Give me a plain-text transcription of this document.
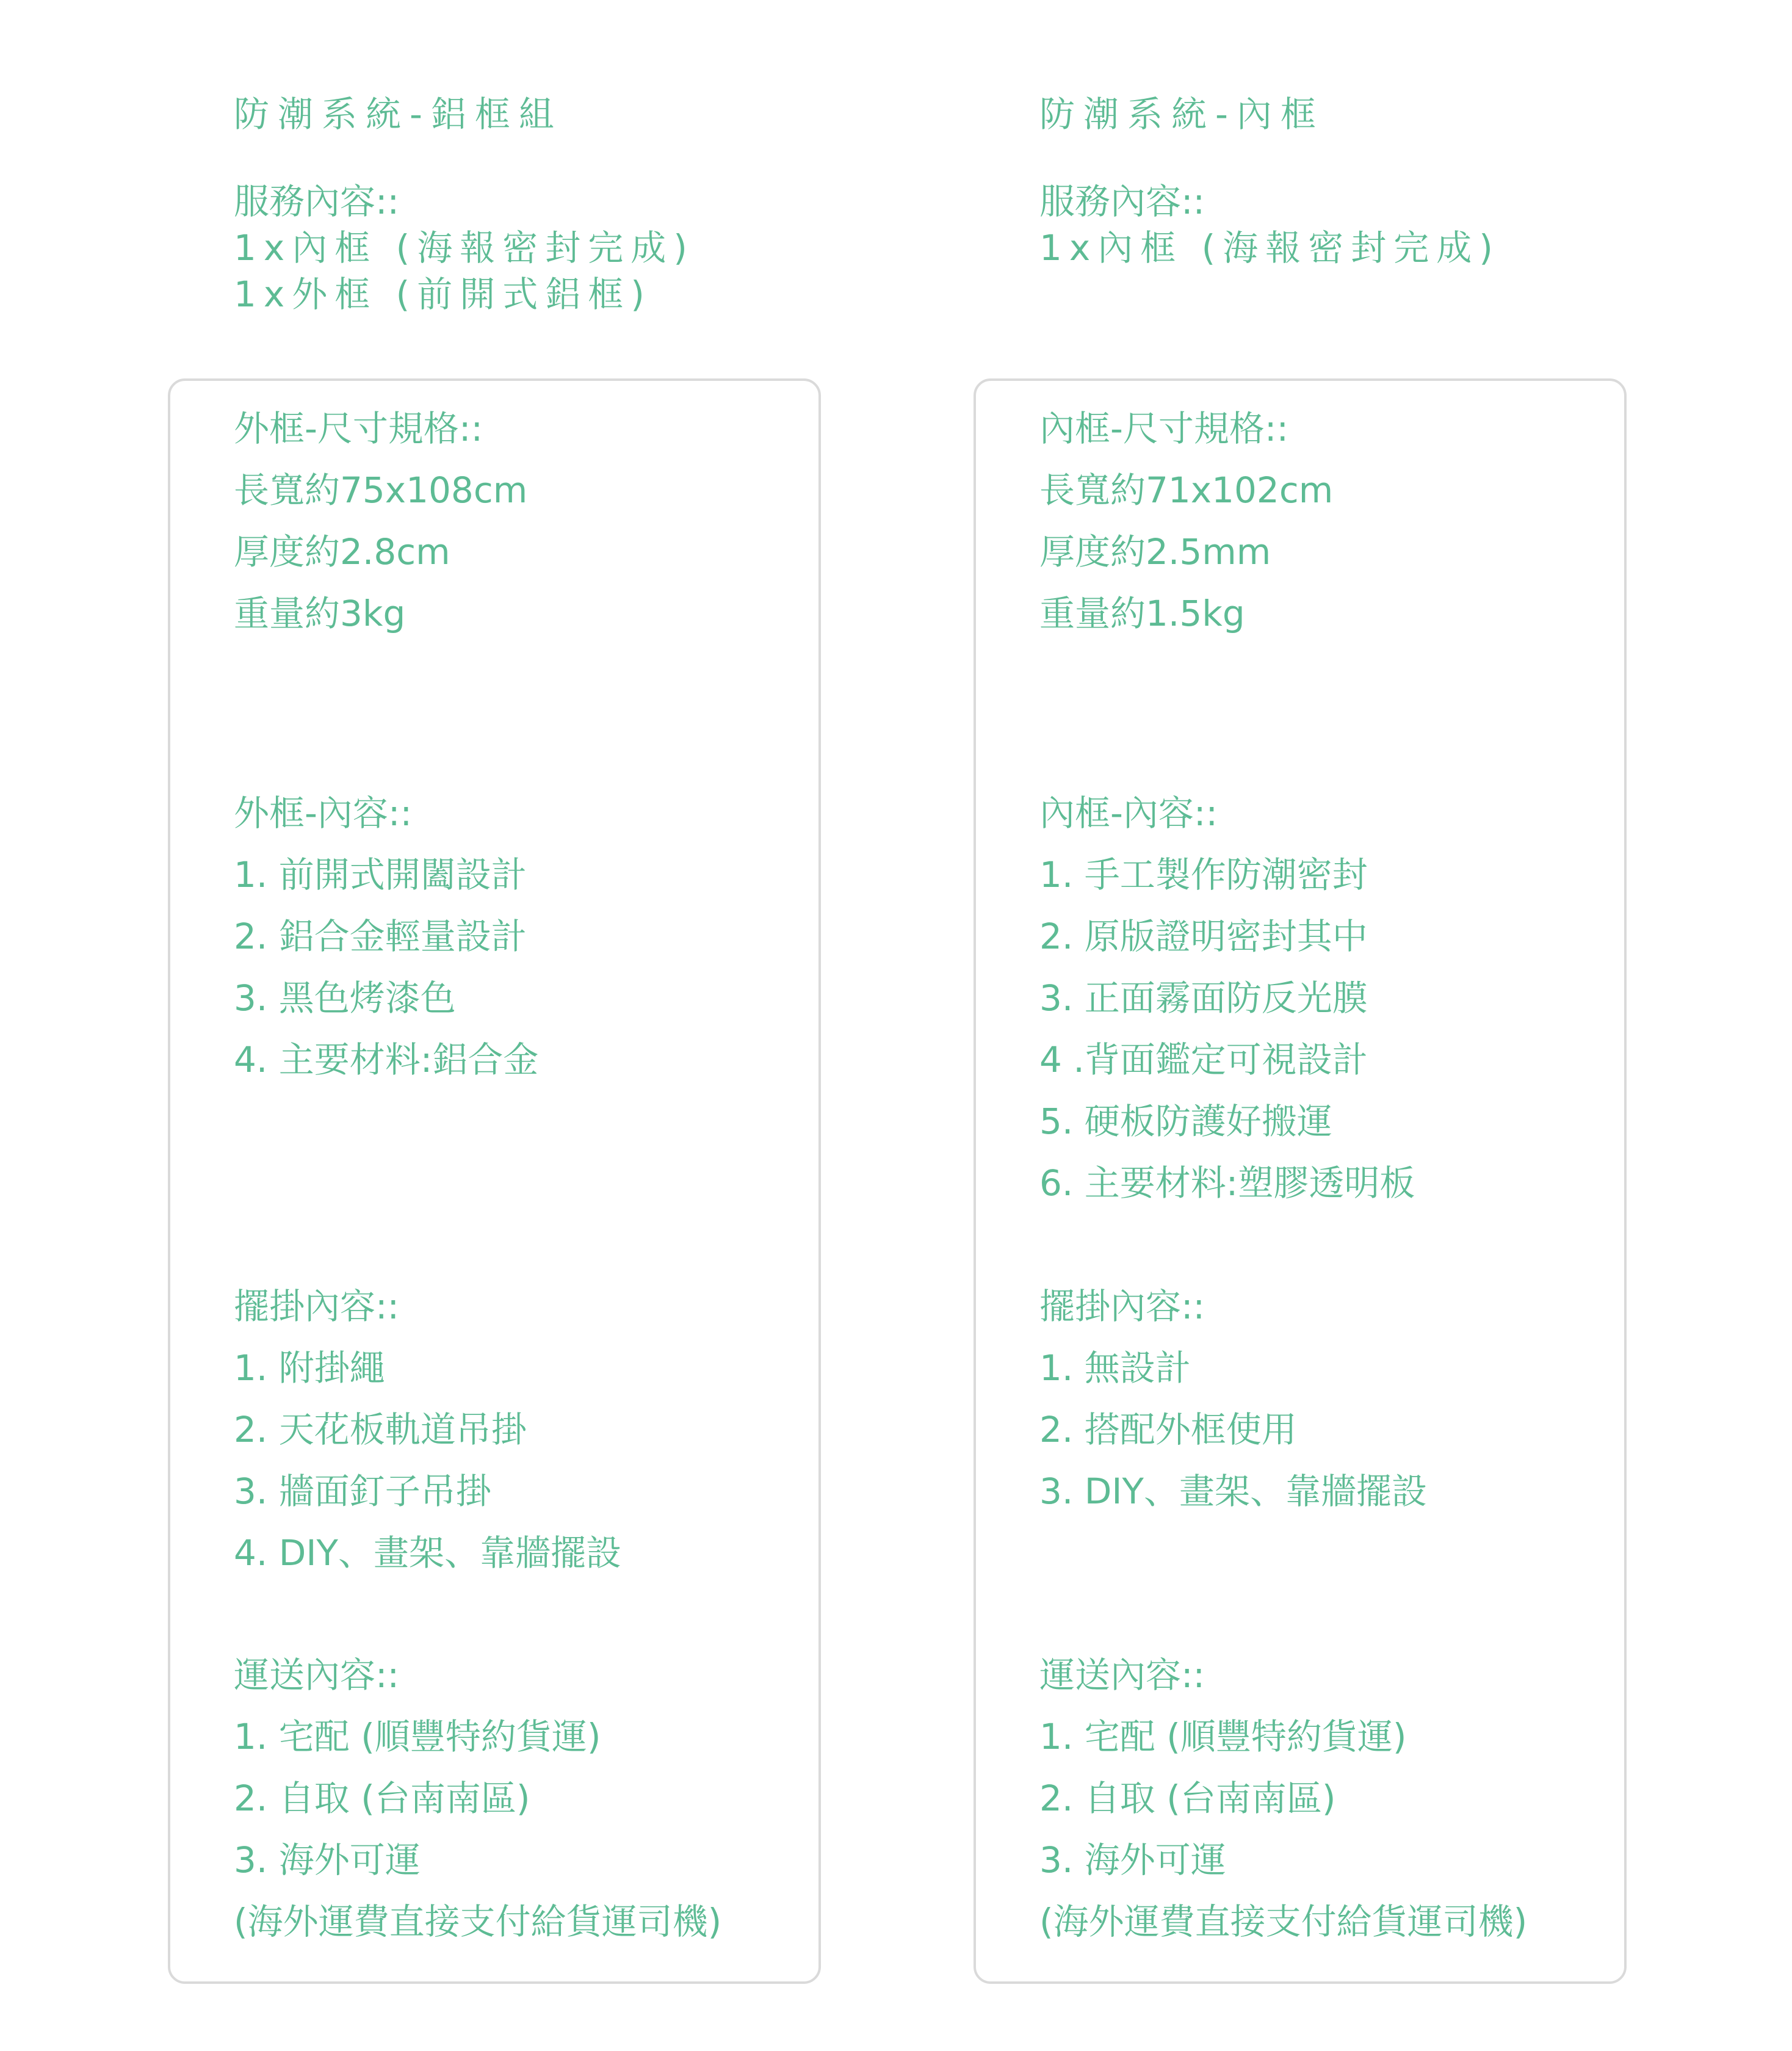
防潮系統-鋁框組
服務內容::
1x內框 (海報密封完成)
1x外框 (前開式鋁框)
外框-尺寸規格::
長寬約75x108cm
厚度約2.8cm
重量約3kg
外框-內容::
1. 前開式開闔設計
2. 鋁合金輕量設計
3. 黑色烤漆色
4. 主要材料:鋁合金
擺掛內容::
1. 附掛繩
2. 天花板軌道吊掛
3. 牆面釘子吊掛
4. DIY、畫架、靠牆擺設
運送內容::
1. 宅配 (順豐特約貨運)
2. 自取 (台南南區)
3. 海外可運
(海外運費直接支付給貨運司機)
防潮系統-內框
服務內容::
1x內框 (海報密封完成)
內框-尺寸規格::
長寬約71x102cm
厚度約2.5mm
重量約1.5kg
內框-內容::
1. 手工製作防潮密封
2. 原版證明密封其中
3. 正面霧面防反光膜
4 .背面鑑定可視設計
5. 硬板防護好搬運
6. 主要材料:塑膠透明板
擺掛內容::
1. 無設計
2. 搭配外框使用
3. DIY、畫架、靠牆擺設
運送內容::
1. 宅配 (順豐特約貨運)
2. 自取 (台南南區)
3. 海外可運
(海外運費直接支付給貨運司機)
